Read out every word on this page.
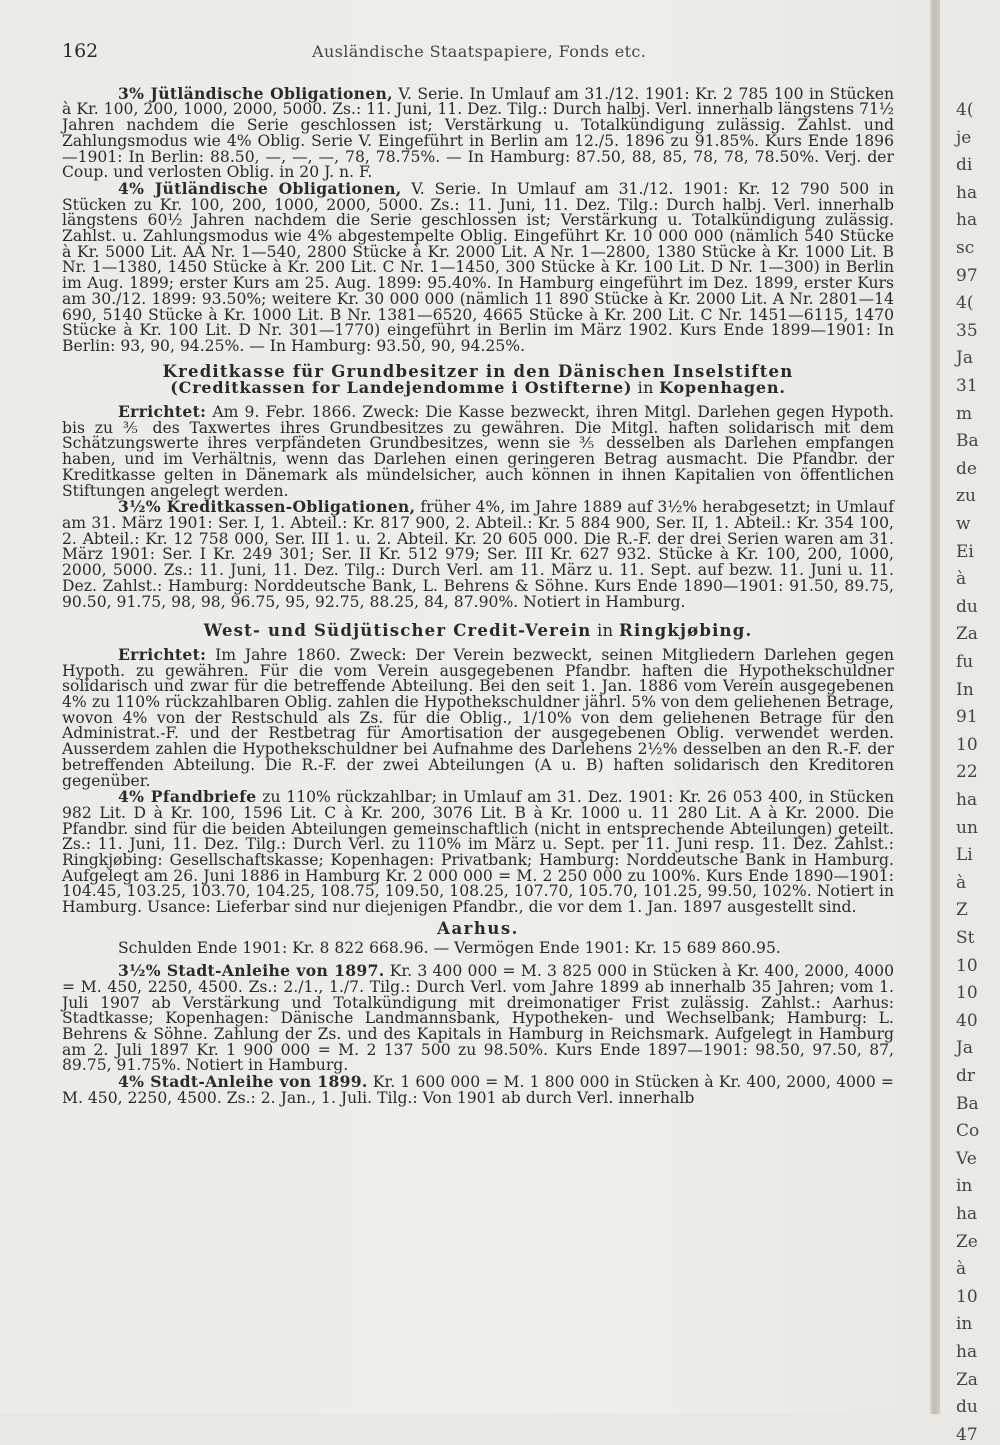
4(
je
di
ha
ha
sc
97
4(
35
Ja
31
m
Ba
de
zu
w
Ei
à
du
Za
fu
In
91
10
22
ha
un
Li
à
Z
St
10
10
40
Ja
dr
Ba
Co
Ve
in
ha
Ze
à
10
in
ha
Za
du
47
162	Ausländische Staatspapiere, Fonds etc.

3% Jütländische Obligationen, V. Serie. In Umlauf am 31./12. 1901: Kr. 2 785 100 in Stücken à Kr. 100, 200, 1000, 2000, 5000. Zs.: 11. Juni, 11. Dez. Tilg.: Durch halbj. Verl. innerhalb längstens 71½ Jahren nachdem die Serie geschlossen ist; Verstärkung u. Totalkündigung zulässig. Zahlst. und Zahlungsmodus wie 4% Oblig. Serie V. Eingeführt in Berlin am 12./5. 1896 zu 91.85%. Kurs Ende 1896—1901: In Berlin: 88.50, —, —, —, 78, 78.75%. — In Hamburg: 87.50, 88, 85, 78, 78, 78.50%. Verj. der Coup. und verlosten Oblig. in 20 J. n. F.

4% Jütländische Obligationen, V. Serie. In Umlauf am 31./12. 1901: Kr. 12 790 500 in Stücken zu Kr. 100, 200, 1000, 2000, 5000. Zs.: 11. Juni, 11. Dez. Tilg.: Durch halbj. Verl. innerhalb längstens 60½ Jahren nachdem die Serie geschlossen ist; Verstärkung u. Totalkündigung zulässig. Zahlst. u. Zahlungsmodus wie 4% abgestempelte Oblig. Eingeführt Kr. 10 000 000 (nämlich 540 Stücke à Kr. 5000 Lit. AA Nr. 1—540, 2800 Stücke à Kr. 2000 Lit. A Nr. 1—2800, 1380 Stücke à Kr. 1000 Lit. B Nr. 1—1380, 1450 Stücke à Kr. 200 Lit. C Nr. 1—1450, 300 Stücke à Kr. 100 Lit. D Nr. 1—300) in Berlin im Aug. 1899; erster Kurs am 25. Aug. 1899: 95.40%. In Hamburg eingeführt im Dez. 1899, erster Kurs am 30./12. 1899: 93.50%; weitere Kr. 30 000 000 (nämlich 11 890 Stücke à Kr. 2000 Lit. A Nr. 2801—14 690, 5140 Stücke à Kr. 1000 Lit. B Nr. 1381—6520, 4665 Stücke à Kr. 200 Lit. C Nr. 1451—6115, 1470 Stücke à Kr. 100 Lit. D Nr. 301—1770) eingeführt in Berlin im März 1902. Kurs Ende 1899—1901: In Berlin: 93, 90, 94.25%. — In Hamburg: 93.50, 90, 94.25%.

Kreditkasse für Grundbesitzer in den Dänischen Inselstiften
(Creditkassen for Landejendomme i Ostifterne) in Kopenhagen.

Errichtet: Am 9. Febr. 1866. Zweck: Die Kasse bezweckt, ihren Mitgl. Darlehen gegen Hypoth. bis zu ⅗ des Taxwertes ihres Grundbesitzes zu gewähren. Die Mitgl. haften solidarisch mit dem Schätzungswerte ihres verpfändeten Grundbesitzes, wenn sie ⅗ desselben als Darlehen empfangen haben, und im Verhältnis, wenn das Darlehen einen geringeren Betrag ausmacht. Die Pfandbr. der Kreditkasse gelten in Dänemark als mündelsicher, auch können in ihnen Kapitalien von öffentlichen Stiftungen angelegt werden.

3½% Kreditkassen-Obligationen, früher 4%, im Jahre 1889 auf 3½% herabgesetzt; in Umlauf am 31. März 1901: Ser. I, 1. Abteil.: Kr. 817 900, 2. Abteil.: Kr. 5 884 900, Ser. II, 1. Abteil.: Kr. 354 100, 2. Abteil.: Kr. 12 758 000, Ser. III 1. u. 2. Abteil. Kr. 20 605 000. Die R.-F. der drei Serien waren am 31. März 1901: Ser. I Kr. 249 301; Ser. II Kr. 512 979; Ser. III Kr. 627 932. Stücke à Kr. 100, 200, 1000, 2000, 5000. Zs.: 11. Juni, 11. Dez. Tilg.: Durch Verl. am 11. März u. 11. Sept. auf bezw. 11. Juni u. 11. Dez. Zahlst.: Hamburg: Norddeutsche Bank, L. Behrens & Söhne. Kurs Ende 1890—1901: 91.50, 89.75, 90.50, 91.75, 98, 98, 96.75, 95, 92.75, 88.25, 84, 87.90%. Notiert in Hamburg.

West- und Südjütischer Credit-Verein in Ringkjøbing.

Errichtet: Im Jahre 1860. Zweck: Der Verein bezweckt, seinen Mitgliedern Darlehen gegen Hypoth. zu gewähren. Für die vom Verein ausgegebenen Pfandbr. haften die Hypothekschuldner solidarisch und zwar für die betreffende Abteilung. Bei den seit 1. Jan. 1886 vom Verein ausgegebenen 4% zu 110% rückzahlbaren Oblig. zahlen die Hypothekschuldner jährl. 5% von dem geliehenen Betrage, wovon 4% von der Restschuld als Zs. für die Oblig., 1/10% von dem geliehenen Betrage für den Administrat.-F. und der Restbetrag für Amortisation der ausgegebenen Oblig. verwendet werden. Ausserdem zahlen die Hypothekschuldner bei Aufnahme des Darlehens 2½% desselben an den R.-F. der betreffenden Abteilung. Die R.-F. der zwei Abteilungen (A u. B) haften solidarisch den Kreditoren gegenüber.

4% Pfandbriefe zu 110% rückzahlbar; in Umlauf am 31. Dez. 1901: Kr. 26 053 400, in Stücken 982 Lit. D à Kr. 100, 1596 Lit. C à Kr. 200, 3076 Lit. B à Kr. 1000 u. 11 280 Lit. A à Kr. 2000. Die Pfandbr. sind für die beiden Abteilungen gemeinschaftlich (nicht in entsprechende Abteilungen) geteilt. Zs.: 11. Juni, 11. Dez. Tilg.: Durch Verl. zu 110% im März u. Sept. per 11. Juni resp. 11. Dez. Zahlst.: Ringkjøbing: Gesellschaftskasse; Kopenhagen: Privatbank; Hamburg: Norddeutsche Bank in Hamburg. Aufgelegt am 26. Juni 1886 in Hamburg Kr. 2 000 000 = M. 2 250 000 zu 100%. Kurs Ende 1890—1901: 104.45, 103.25, 103.70, 104.25, 108.75, 109.50, 108.25, 107.70, 105.70, 101.25, 99.50, 102%. Notiert in Hamburg. Usance: Lieferbar sind nur diejenigen Pfandbr., die vor dem 1. Jan. 1897 ausgestellt sind.

Aarhus.

Schulden Ende 1901: Kr. 8 822 668.96. — Vermögen Ende 1901: Kr. 15 689 860.95.

3½% Stadt-Anleihe von 1897. Kr. 3 400 000 = M. 3 825 000 in Stücken à Kr. 400, 2000, 4000 = M. 450, 2250, 4500. Zs.: 2./1., 1./7. Tilg.: Durch Verl. vom Jahre 1899 ab innerhalb 35 Jahren; vom 1. Juli 1907 ab Verstärkung und Totalkündigung mit dreimonatiger Frist zulässig. Zahlst.: Aarhus: Stadtkasse; Kopenhagen: Dänische Landmannsbank, Hypotheken- und Wechselbank; Hamburg: L. Behrens & Söhne. Zahlung der Zs. und des Kapitals in Hamburg in Reichsmark. Aufgelegt in Hamburg am 2. Juli 1897 Kr. 1 900 000 = M. 2 137 500 zu 98.50%. Kurs Ende 1897—1901: 98.50, 97.50, 87, 89.75, 91.75%. Notiert in Hamburg.

4% Stadt-Anleihe von 1899. Kr. 1 600 000 = M. 1 800 000 in Stücken à Kr. 400, 2000, 4000 = M. 450, 2250, 4500. Zs.: 2. Jan., 1. Juli. Tilg.: Von 1901 ab durch Verl. innerhalb
